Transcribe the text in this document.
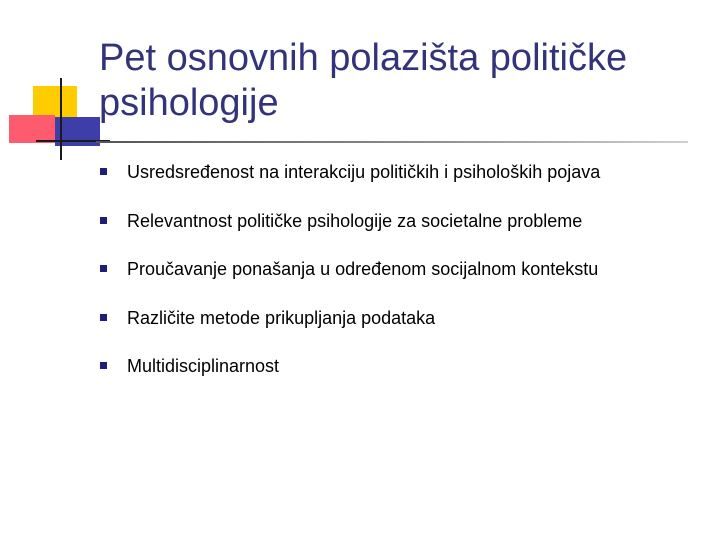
Pet osnovnih polazišta političke
psihologije
Usredsređenost na interakciju političkih i psiholoških pojava
Relevantnost političke psihologije za societalne probleme
Proučavanje ponašanja u određenom socijalnom kontekstu
Različite metode prikupljanja podataka
Multidisciplinarnost
